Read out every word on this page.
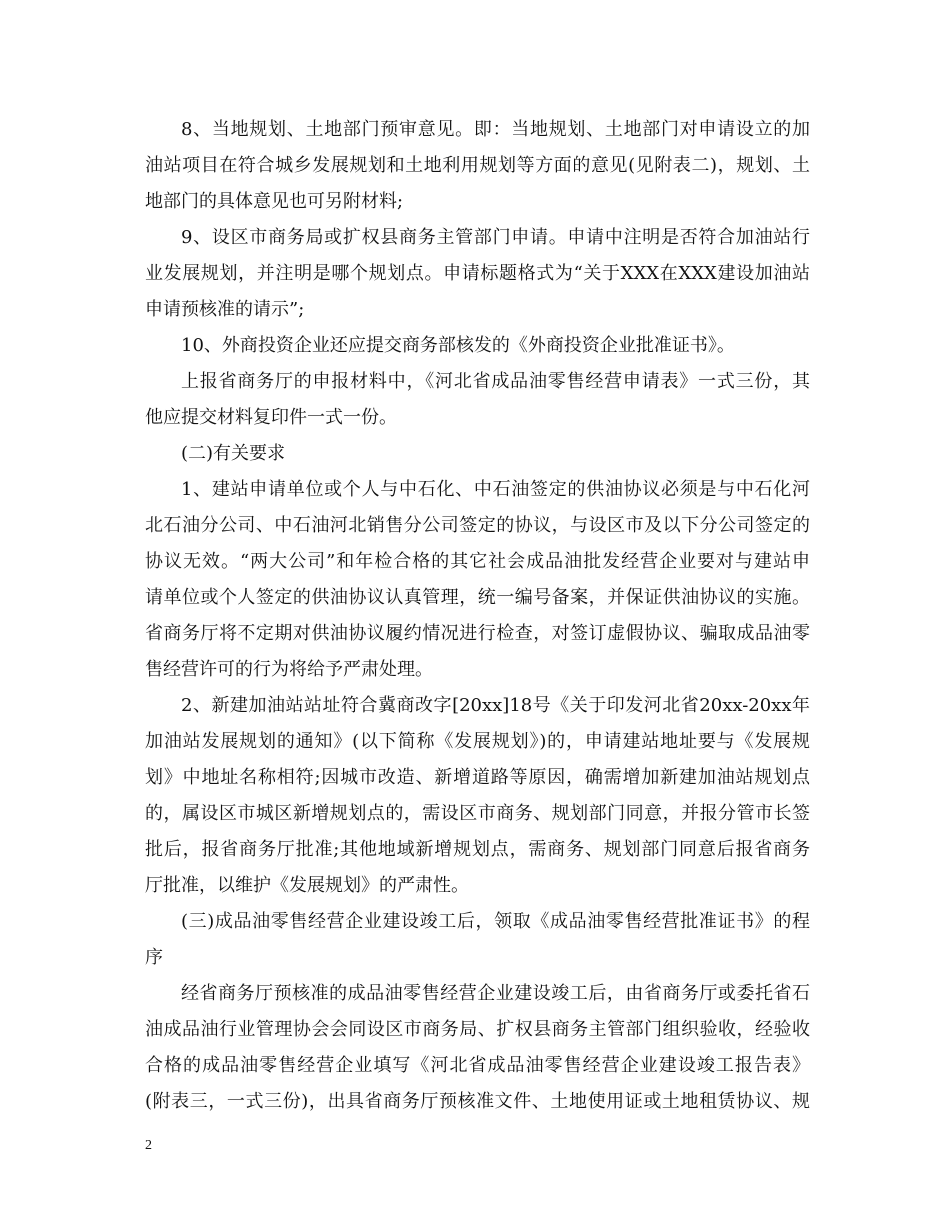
8、当地规划、土地部门预审意见。即：当地规划、土地部门对申请设立的加
油站项目在符合城乡发展规划和土地利用规划等方面的意见(见附表二)，规划、土
地部门的具体意见也可另附材料;
9、设区市商务局或扩权县商务主管部门申请。申请中注明是否符合加油站行
业发展规划，并注明是哪个规划点。申请标题格式为“关于XXX在XXX建设加油站
申请预核准的请示”;
10、外商投资企业还应提交商务部核发的《外商投资企业批准证书》。
上报省商务厅的申报材料中，《河北省成品油零售经营申请表》一式三份，其
他应提交材料复印件一式一份。
(二)有关要求
1、建站申请单位或个人与中石化、中石油签定的供油协议必须是与中石化河
北石油分公司、中石油河北销售分公司签定的协议，与设区市及以下分公司签定的
协议无效。“两大公司”和年检合格的其它社会成品油批发经营企业要对与建站申
请单位或个人签定的供油协议认真管理，统一编号备案，并保证供油协议的实施。
省商务厅将不定期对供油协议履约情况进行检查，对签订虚假协议、骗取成品油零
售经营许可的行为将给予严肃处理。
2、新建加油站站址符合冀商改字[20xx]18号《关于印发河北省20xx-20xx年
加油站发展规划的通知》(以下简称《发展规划》)的，申请建站地址要与《发展规
划》中地址名称相符;因城市改造、新增道路等原因，确需增加新建加油站规划点
的，属设区市城区新增规划点的，需设区市商务、规划部门同意，并报分管市长签
批后，报省商务厅批准;其他地域新增规划点，需商务、规划部门同意后报省商务
厅批准，以维护《发展规划》的严肃性。
(三)成品油零售经营企业建设竣工后，领取《成品油零售经营批准证书》的程
序
经省商务厅预核准的成品油零售经营企业建设竣工后，由省商务厅或委托省石
油成品油行业管理协会会同设区市商务局、扩权县商务主管部门组织验收，经验收
合格的成品油零售经营企业填写《河北省成品油零售经营企业建设竣工报告表》
(附表三，一式三份)，出具省商务厅预核准文件、土地使用证或土地租赁协议、规
2
